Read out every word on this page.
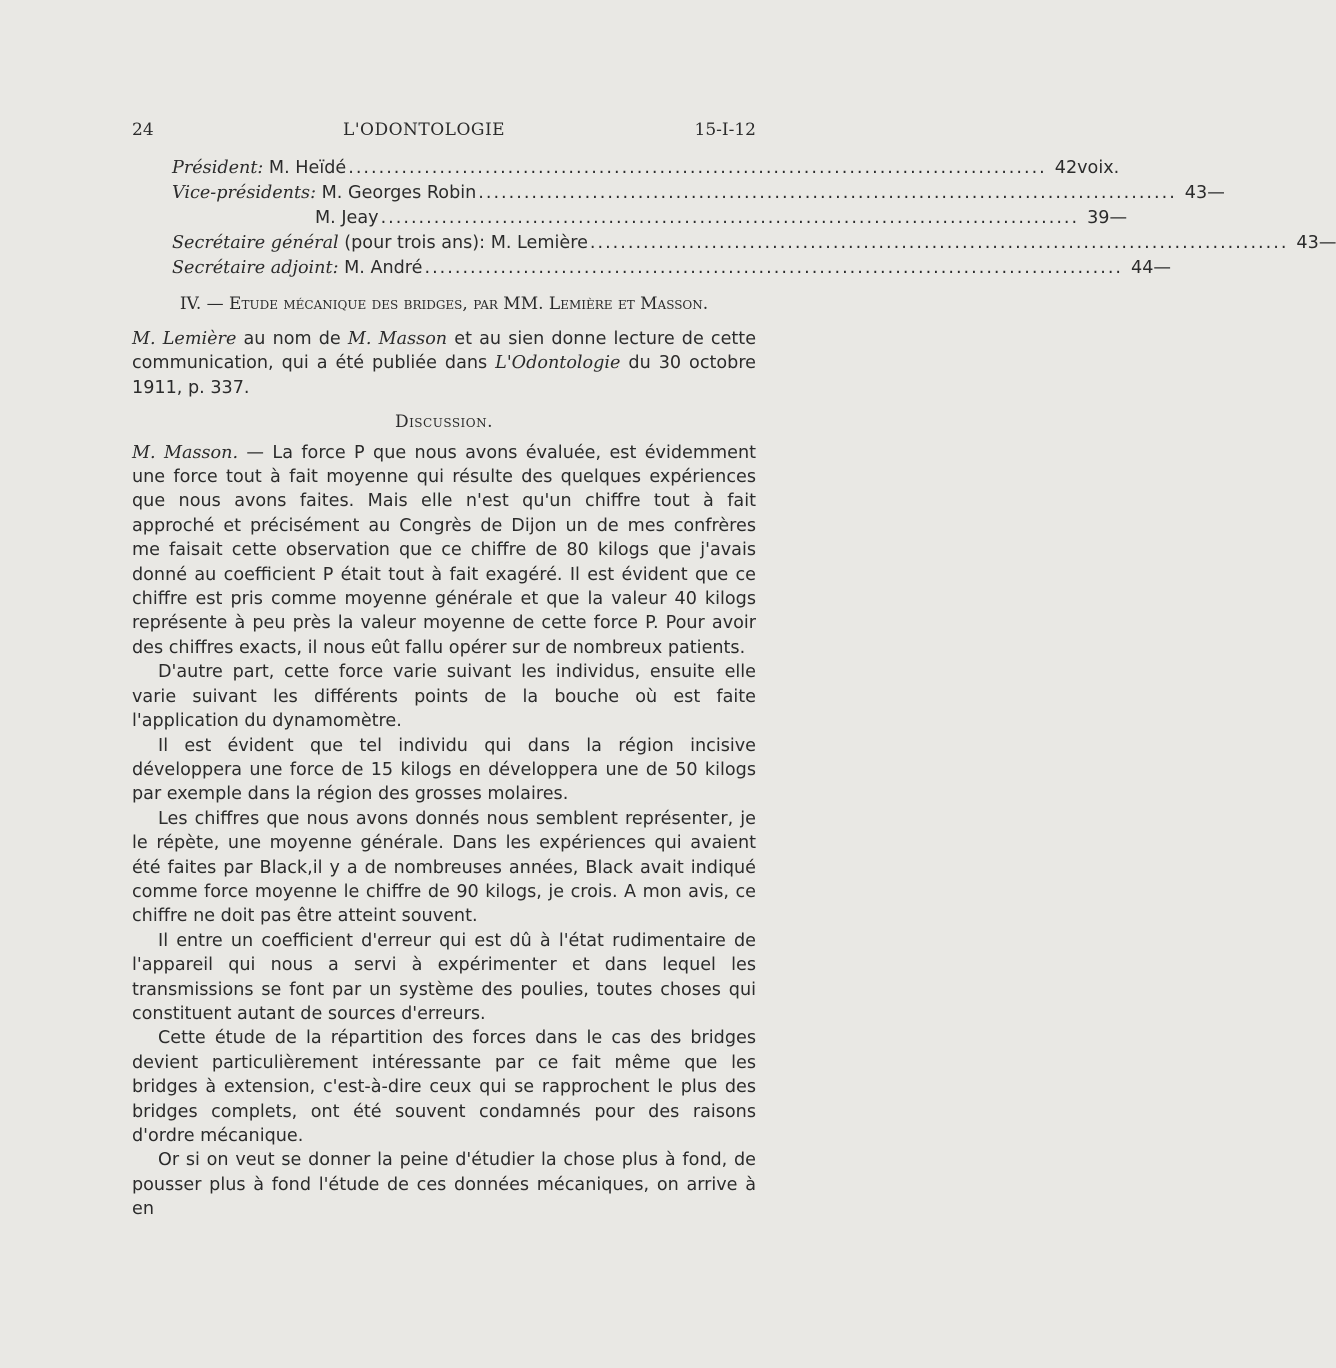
24	L'ODONTOLOGIE	15-I-12
Président: M. Heïdé ............................................................................................ 42 voix.
Vice-présidents: M. Georges Robin ............................................................................................ 43 —
M. Jeay ............................................................................................ 39 —
Secrétaire général (pour trois ans): M. Lemière ............................................................................................ 43 —
Secrétaire adjoint: M. André ............................................................................................ 44 —
IV. — Etude mécanique des bridges, par MM. Lemière et Masson.

M. Lemière au nom de M. Masson et au sien donne lecture de cette communication, qui a été publiée dans L'Odontologie du 30 octobre 1911, p. 337.

Discussion.

M. Masson. — La force P que nous avons évaluée, est évidemment une force tout à fait moyenne qui résulte des quelques expériences que nous avons faites. Mais elle n'est qu'un chiffre tout à fait approché et précisément au Congrès de Dijon un de mes confrères me faisait cette observation que ce chiffre de 80 kilogs que j'avais donné au coefficient P était tout à fait exagéré. Il est évident que ce chiffre est pris comme moyenne générale et que la valeur 40 kilogs représente à peu près la valeur moyenne de cette force P. Pour avoir des chiffres exacts, il nous eût fallu opérer sur de nombreux patients.

D'autre part, cette force varie suivant les individus, ensuite elle varie suivant les différents points de la bouche où est faite l'application du dynamomètre.

Il est évident que tel individu qui dans la région incisive développera une force de 15 kilogs en développera une de 50 kilogs par exemple dans la région des grosses molaires.

Les chiffres que nous avons donnés nous semblent représenter, je le répète, une moyenne générale. Dans les expériences qui avaient été faites par Black,il y a de nombreuses années, Black avait indiqué comme force moyenne le chiffre de 90 kilogs, je crois. A mon avis, ce chiffre ne doit pas être atteint souvent.

Il entre un coefficient d'erreur qui est dû à l'état rudimentaire de l'appareil qui nous a servi à expérimenter et dans lequel les transmissions se font par un système des poulies, toutes choses qui constituent autant de sources d'erreurs.

Cette étude de la répartition des forces dans le cas des bridges devient particulièrement intéressante par ce fait même que les bridges à extension, c'est-à-dire ceux qui se rapprochent le plus des bridges complets, ont été souvent condamnés pour des raisons d'ordre mécanique.

Or si on veut se donner la peine d'étudier la chose plus à fond, de pousser plus à fond l'étude de ces données mécaniques, on arrive à en
